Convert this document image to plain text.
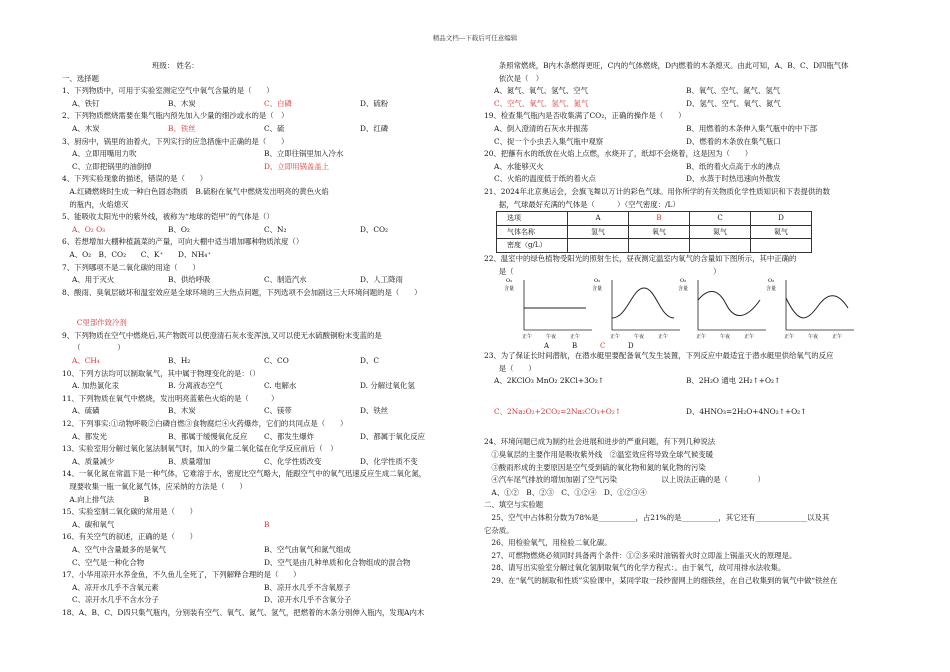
精品文档---下载后可任意编辑
班级： 姓名：
一、选择题
1、下列物质中，可用于实验室测定空气中氧气含量的是（　　）
A、铁钉	B、木炭	C、白磷	D、硫粉
2、下列物质燃烧需要在集气瓶内预先加入少量的细沙或水的是（　）
A、木炭	B、铁丝	C、硫	D、红磷
3、厨房中，锅里的油着火，下列实行的应急措施中正确的是（　　）
A、立即用嘴用力吹	B、立即往锅里加入冷水
C、立即把锅里的油倒掉	D、立即用锅盖盖上
4、下列实验现象的描述，错误的是（　　）
　A.红磷燃烧时生成一种白色固态物质　B.硫粉在氧气中燃烧发出明亮的黄色火焰
　的瓶内，火焰熄灭
5、能吸收太阳光中的紫外线，被称为“地球的铠甲”的气体是（）
A、O₂ O₃	B、O₂	C、N₂	D、CO₂
6、若想增加大棚种植蔬菜的产量，可向大棚中适当增加哪种物质浓度（）
　A、O₂　B、CO₂　　C、K⁺　　D、NH₄⁺
7、下列哪项不是二氧化碳的用途（　　）
A、用于灭火	B、供给呼吸	C、制造汽水	D、人工降雨
8、酸雨、臭氧层破坏和温室效应是全球环境的三大热点问题，下列选项不会加剧这三大环境问题的是（　　）
　　C里部作致冷剂
9、下列物质在空气中燃烧后,其产物既可以使澄清石灰水变浑浊,又可以使无水硫酸铜粉末变蓝的是
　　（　　　　　）
A、CH₄	B、H₂	C、CO	D、C
10、下列方法均可以制取氧气，其中属于物理变化的是：（）
A. 加热氯化汞	B. 分离液态空气	C. 电解水	D. 分解过氧化氢
11、下列物质在氧气中燃烧，发出明亮蓝紫色火焰的是（　　　）
A、硫磺	B、木炭	C、镁带	D、铁丝
12、下列事实:①动物呼吸②白磷自燃③食物腐烂④火药爆炸，它们的共同点是（　　）
A、都发光	B、都属于缓慢氧化反应 C、都发生爆炸	D、都属于氧化反应
13、实验室用分解过氧化氢法制氧气时，加入的少量二氧化锰在化学反应前后（　）
A、质量减少	B、质量增加	C、化学性质改变	D、化学性质不变
14、一氧化氮在常温下是一种气体，它难溶于水，密度比空气略大，能跟空气中的氧气迅速反应生成二氧化氮，
　现要收集一瓶一氧化氮气体，应采纳的方法是（　　）
　A.向上排气法　　　　B
15、实验室制二氧化碳的常用是（　　）
A、碳和氧气	B
16、有关空气的叙述，正确的是（　　）
A、空气中含量最多的是氧气	B、空气由氧气和氮气组成
C、空气是一种化合物	D、空气是由几种单质和化合物组成的混合物
17、小华用凉开水养金鱼，不久鱼儿全死了，下列解释合理的是（　　）
A、凉开水几乎不含氧元素	B、凉开水几乎不含氧原子
C、凉开水几乎不含水分子	D、凉开水几乎不含氧分子
18、A、B、C、D四只集气瓶内，分别装有空气、氧气、氮气、氢气，把燃着的木条分别伸入瓶内，发现A内木
　　条照常燃烧，B内木条燃得更旺，C内的气体燃烧，D内燃着的木条熄灭。由此可知，A、B、C、D四瓶气体
　　依次是（　）
A、氮气、氧气、氢气、空气	B、氧气、空气、氮气、氢气
C、空气、氧气、氢气、氮气	D、氢气、空气、氧气、氮气
19、检查集气瓶内是否收集满了CO₂，正确的操作是（　　）
A、倒入澄清的石灰水并振荡	B、用燃着的木条伸入集气瓶中的中下部
C、捉一个小虫丢入集气瓶中观察	D、燃着的木条放在集气瓶口
20、把蘸有水的纸放在火焰上点燃，水烧开了，纸却不会烧着，这是因为（　　）
A、水能够灭火	B、纸的着火点高于水的沸点
C、火焰的温度低于纸的着火点	D、水蒸于时热迅速向外散发
21、2024年北京奥运会，会旗飞舞以万计的彩色气球。用你所学的有关物质化学性质知识和下表提供的数
　　据，气球最好充满的气体是（　　　）（空气密度：/L）
选项	A	B	C	D
气体名称	氢气	氧气	氮气	氦气
密度（g/L）				
22、温室中的绿色植物受阳光的照射生长，昼夜测定温室内氧气的含量如下图所示，其中正确的
　　是（　　　　　　　　　　　　　　　　　　　　　　　　　　　）
O₂
含量
正午	午夜	正午
O₂
含量
正午	午夜	正午
O₂
含量
正午	午夜	正午
O₂
含量
正午	午夜	正午
A	B	C	D
23、为了保证长时间潜航，在潜水艇里要配备氧气发生装置，下列反应中最适宜于潜水艇里供给氧气的反应
　　是（　　）
A、2KClO₃ MnO₂ 2KCl+3O₂↑	B、2H₂O 通电 2H₂↑+O₂↑
C、2Na₂O₂+2CO₂=2Na₂CO₃+O₂↑	D、4HNO₃=2H₂O+4NO₂↑+O₂↑
24、环境问题已成为制约社会进展和进步的严重问题，有下列几种说法
　①臭氧层的主要作用是吸收紫外线　②温室效应将导致全球气候变暖
　③酸雨形成的主要原因是空气受到硫的氧化物和氮的氧化物的污染
　④汽车尾气排放的增加加剧了空气污染　　　　　　以上说法正确的是（　　　　）
　A、①②　B、②③　C、①②④　D、①②③④
二、填空与实验题
　25、空气中占体积分数为78%是__________，占21%的是__________，其它还有______________以及其
它杂质。
　26、用检验氧气，用检验二氧化碳。
　27、可燃物燃烧必须同时具备两个条件：①②多采时油锅着火时立即盖上锅盖灭火的原理是。
　28、请写出实验室分解过氧化氢制取氧气的化学方程式：。由于氧气，故可用排水法收集。
　29、在“氧气的制取和性质”实验课中，某同学取一段纱窗网上的细铁丝，在自己收集到的氧气中做“铁丝在
